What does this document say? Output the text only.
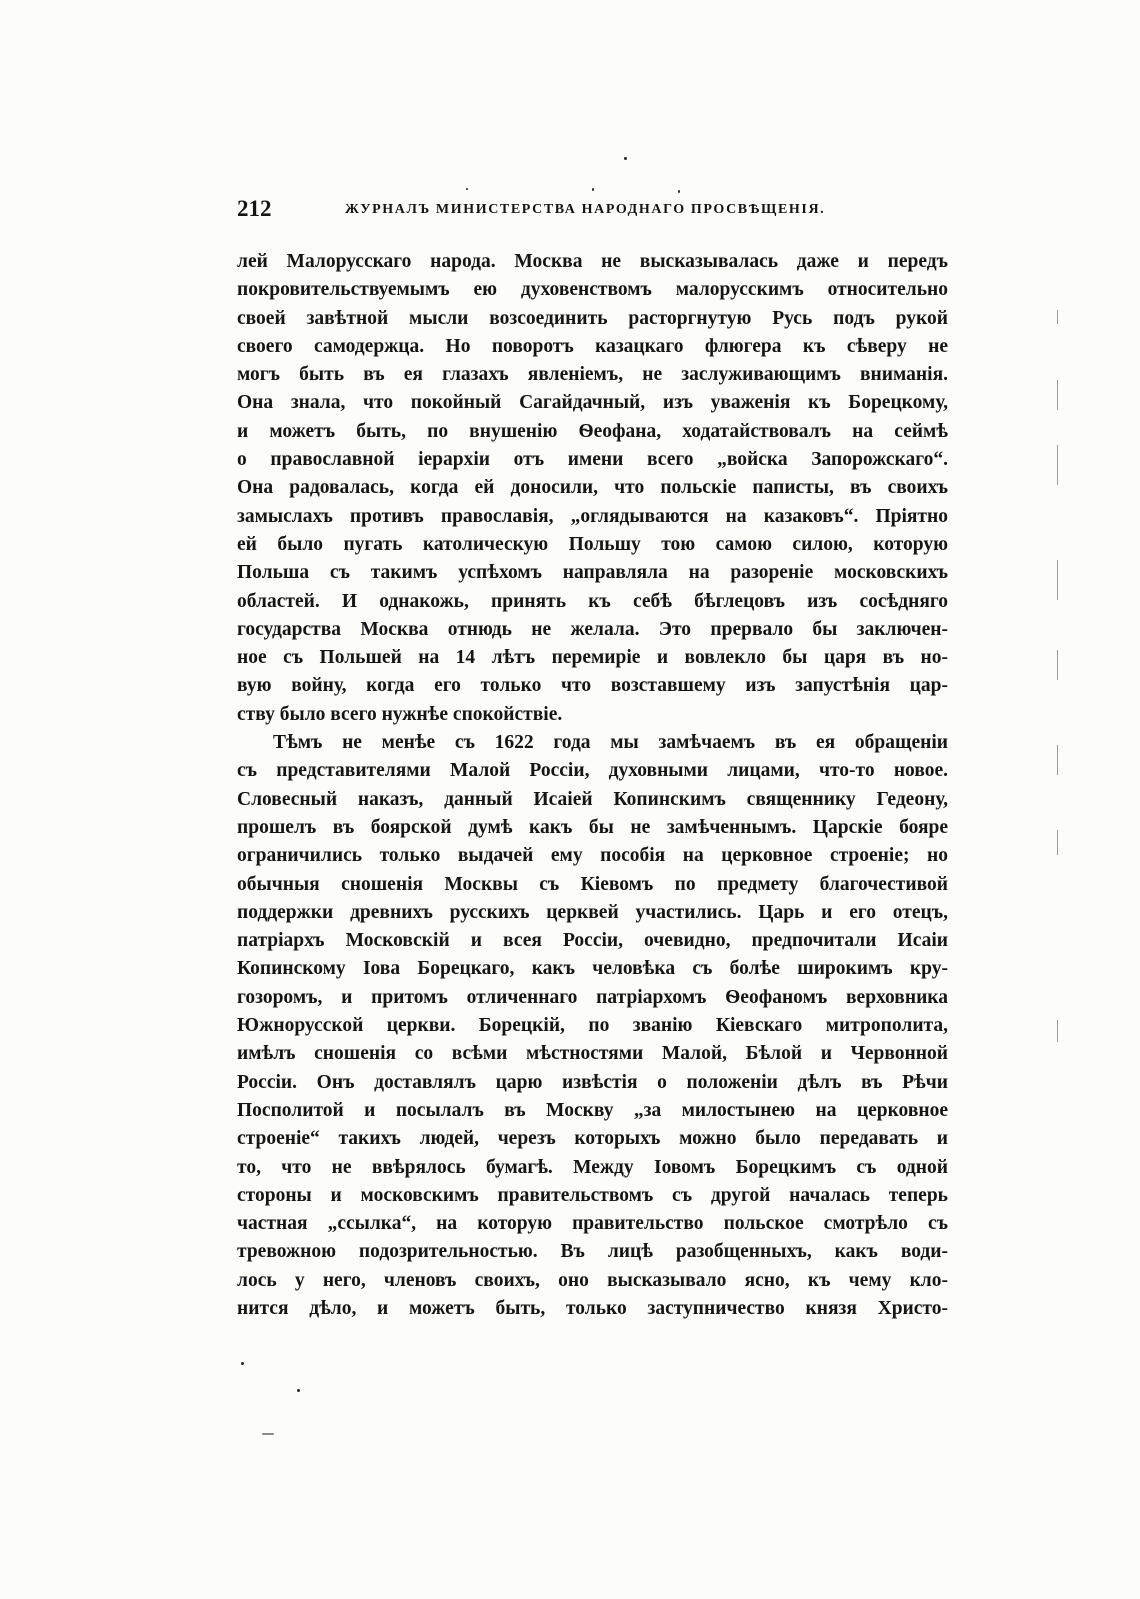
212	ЖУРНАЛЪ МИНИСТЕРСТВА НАРОДНАГО ПРОСВѢЩЕНІЯ.
лей Малорусскаго народа. Москва не высказывалась даже и передъ
покровительствуемымъ ею духовенствомъ малорусскимъ относительно
своей завѣтной мысли возсоединить расторгнутую Русь подъ рукой
своего самодержца. Но поворотъ казацкаго флюгера къ сѣверу не
могъ быть въ ея глазахъ явленіемъ, не заслуживающимъ вниманія.
Она знала, что покойный Сагайдачный, изъ уваженія къ Борецкому,
и можетъ быть, по внушенію Ѳеофана, ходатайствовалъ на сеймѣ
о православной іерархіи отъ имени всего „войска Запорожскаго“.
Она радовалась, когда ей доносили, что польскіе паписты, въ своихъ
замыслахъ противъ православія, „оглядываются на казаковъ“. Пріятно
ей было пугать католическую Польшу тою самою силою, которую
Польша съ такимъ успѣхомъ направляла на разореніе московскихъ
областей. И однакожь, принять къ себѣ бѣглецовъ изъ сосѣдняго
государства Москва отнюдь не желала. Это прервало бы заключен-
ное съ Польшей на 14 лѣтъ перемиріе и вовлекло бы царя въ но-
вую войну, когда его только что возставшему изъ запустѣнія цар-
ству было всего нужнѣе спокойствіе.
Тѣмъ не менѣе съ 1622 года мы замѣчаемъ въ ея обращеніи
съ представителями Малой Россіи, духовными лицами, что-то новое.
Словесный наказъ, данный Исаіей Копинскимъ священнику Гедеону,
прошелъ въ боярской думѣ какъ бы не замѣченнымъ. Царскіе бояре
ограничились только выдачей ему пособія на церковное строеніе; но
обычныя сношенія Москвы съ Кіевомъ по предмету благочестивой
поддержки древнихъ русскихъ церквей участились. Царь и его отецъ,
патріархъ Московскій и всея Россіи, очевидно, предпочитали Исаіи
Копинскому Іова Борецкаго, какъ человѣка съ болѣе широкимъ кру-
гозоромъ, и притомъ отличеннаго патріархомъ Ѳеофаномъ верховника
Южнорусской церкви. Борецкій, по званію Кіевскаго митрополита,
имѣлъ сношенія со всѣми мѣстностями Малой, Бѣлой и Червонной
Россіи. Онъ доставлялъ царю извѣстія о положеніи дѣлъ въ Рѣчи
Посполитой и посылалъ въ Москву „за милостынею на церковное
строеніе“ такихъ людей, черезъ которыхъ можно было передавать и
то, что не ввѣрялось бумагѣ. Между Іовомъ Борецкимъ съ одной
стороны и московскимъ правительствомъ съ другой началась теперь
частная „ссылка“, на которую правительство польское смотрѣло съ
тревожною подозрительностью. Въ лицѣ разобщенныхъ, какъ води-
лось у него, членовъ своихъ, оно высказывало ясно, къ чему кло-
нится дѣло, и можетъ быть, только заступничество князя Христо-
